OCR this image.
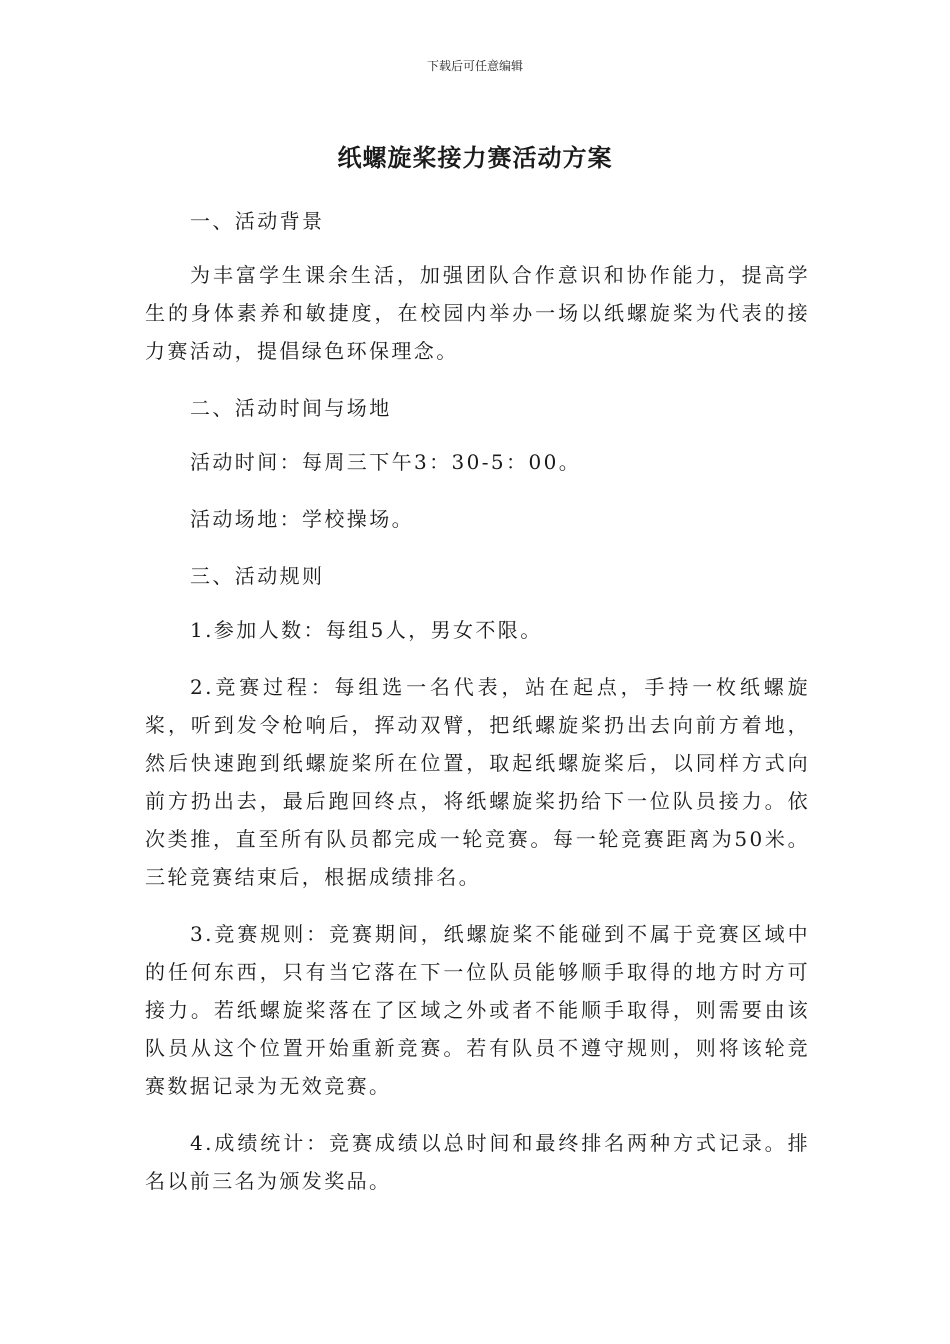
下载后可任意编辑
纸螺旋桨接力赛活动方案

一、活动背景

为丰富学生课余生活，加强团队合作意识和协作能力，提高学生的身体素养和敏捷度，在校园内举办一场以纸螺旋桨为代表的接力赛活动，提倡绿色环保理念。

二、活动时间与场地

活动时间：每周三下午3：30-5：00。

活动场地：学校操场。

三、活动规则

1.参加人数：每组5人，男女不限。

2.竞赛过程：每组选一名代表，站在起点，手持一枚纸螺旋桨，听到发令枪响后，挥动双臂，把纸螺旋桨扔出去向前方着地，然后快速跑到纸螺旋桨所在位置，取起纸螺旋桨后，以同样方式向前方扔出去，最后跑回终点，将纸螺旋桨扔给下一位队员接力。依次类推，直至所有队员都完成一轮竞赛。每一轮竞赛距离为50米。三轮竞赛结束后，根据成绩排名。

3.竞赛规则：竞赛期间，纸螺旋桨不能碰到不属于竞赛区域中的任何东西，只有当它落在下一位队员能够顺手取得的地方时方可接力。若纸螺旋桨落在了区域之外或者不能顺手取得，则需要由该队员从这个位置开始重新竞赛。若有队员不遵守规则，则将该轮竞赛数据记录为无效竞赛。

4.成绩统计：竞赛成绩以总时间和最终排名两种方式记录。排名以前三名为颁发奖品。
